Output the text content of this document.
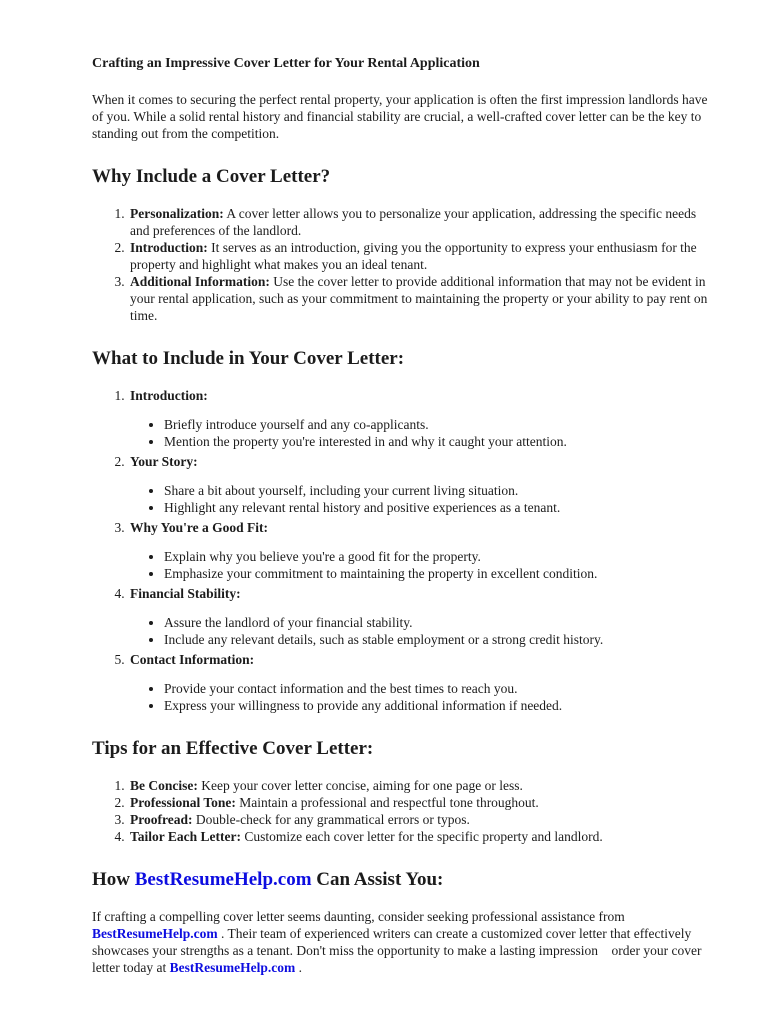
Crafting an Impressive Cover Letter for Your Rental Application

When it comes to securing the perfect rental property, your application is often the first impression landlords have of you. While a solid rental history and financial stability are crucial, a well-crafted cover letter can be the key to standing out from the competition.

Why Include a Cover Letter?
1. Personalization: A cover letter allows you to personalize your application, addressing the specific needs and preferences of the landlord.
2. Introduction: It serves as an introduction, giving you the opportunity to express your enthusiasm for the property and highlight what makes you an ideal tenant.
3. Additional Information: Use the cover letter to provide additional information that may not be evident in your rental application, such as your commitment to maintaining the property or your ability to pay rent on time.
What to Include in Your Cover Letter:
1. Introduction:
• Briefly introduce yourself and any co-applicants.
• Mention the property you're interested in and why it caught your attention.
2. Your Story:
• Share a bit about yourself, including your current living situation.
• Highlight any relevant rental history and positive experiences as a tenant.
3. Why You're a Good Fit:
• Explain why you believe you're a good fit for the property.
• Emphasize your commitment to maintaining the property in excellent condition.
4. Financial Stability:
• Assure the landlord of your financial stability.
• Include any relevant details, such as stable employment or a strong credit history.
5. Contact Information:
• Provide your contact information and the best times to reach you.
• Express your willingness to provide any additional information if needed.
Tips for an Effective Cover Letter:
1. Be Concise: Keep your cover letter concise, aiming for one page or less.
2. Professional Tone: Maintain a professional and respectful tone throughout.
3. Proofread: Double-check for any grammatical errors or typos.
4. Tailor Each Letter: Customize each cover letter for the specific property and landlord.
How BestResumeHelp.com Can Assist You:

If crafting a compelling cover letter seems daunting, consider seeking professional assistance from BestResumeHelp.com . Their team of experienced writers can create a customized cover letter that effectively showcases your strengths as a tenant. Don't miss the opportunity to make a lasting impression    order your cover letter today at BestResumeHelp.com .
